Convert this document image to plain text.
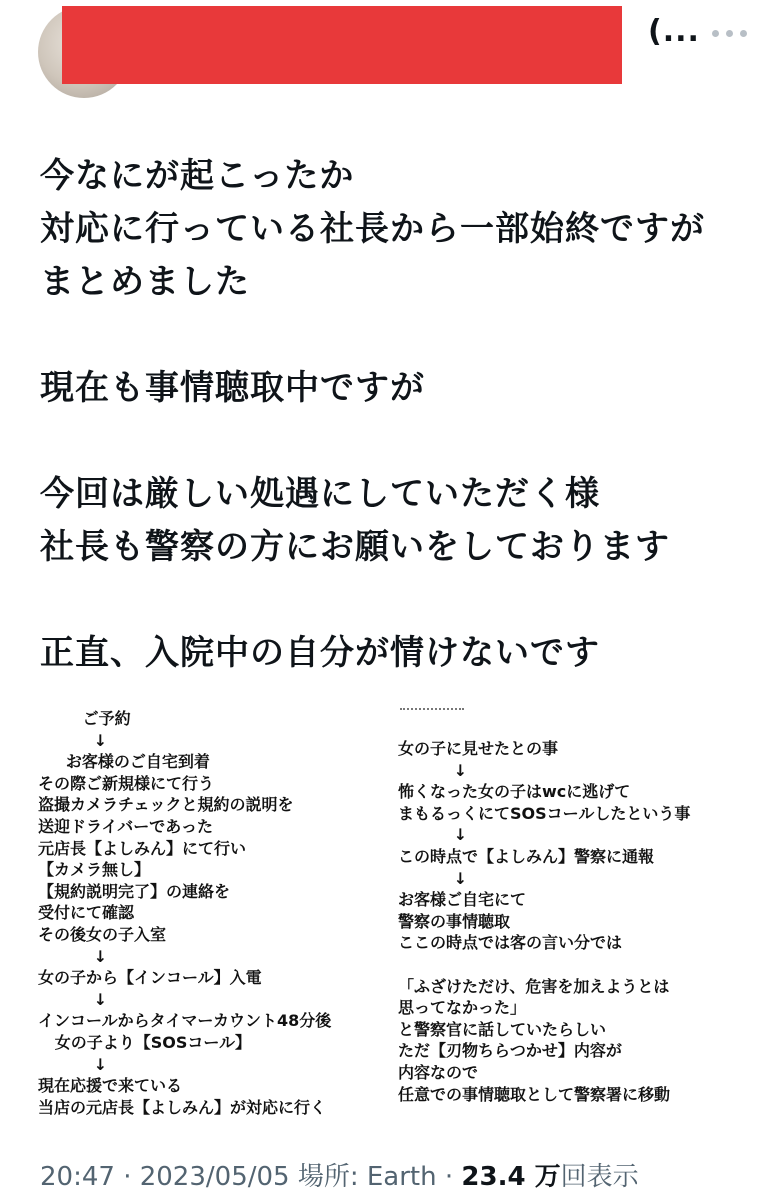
(...
今なにが起こったか
対応に行っている社長から一部始終ですが
まとめました

現在も事情聴取中ですが

今回は厳しい処遇にしていただく様
社長も警察の方にお願いをしております

正直、入院中の自分が情けないです
ご予約
↓
お客様のご自宅到着
その際ご新規様にて行う
盗撮カメラチェックと規約の説明を
送迎ドライバーであった
元店長【よしみん】にて行い
【カメラ無し】
【規約説明完了】の連絡を
受付にて確認
その後女の子入室
↓
女の子から【インコール】入電
↓
インコールからタイマーカウント48分後
女の子より【SOSコール】
↓
現在応援で来ている
当店の元店長【よしみん】が対応に行く
女の子に見せたとの事
↓
怖くなった女の子はwcに逃げて
まもるっくにてSOSコールしたという事
↓
この時点で【よしみん】警察に通報
↓
お客様ご自宅にて
警察の事情聴取
ここの時点では客の言い分では

「ふざけただけ、危害を加えようとは
思ってなかった」
と警察官に話していたらしい
ただ【刃物ちらつかせ】内容が
内容なので
任意での事情聴取として警察署に移動
20:47 · 2023/05/05 場所: Earth · 23.4 万回表示
